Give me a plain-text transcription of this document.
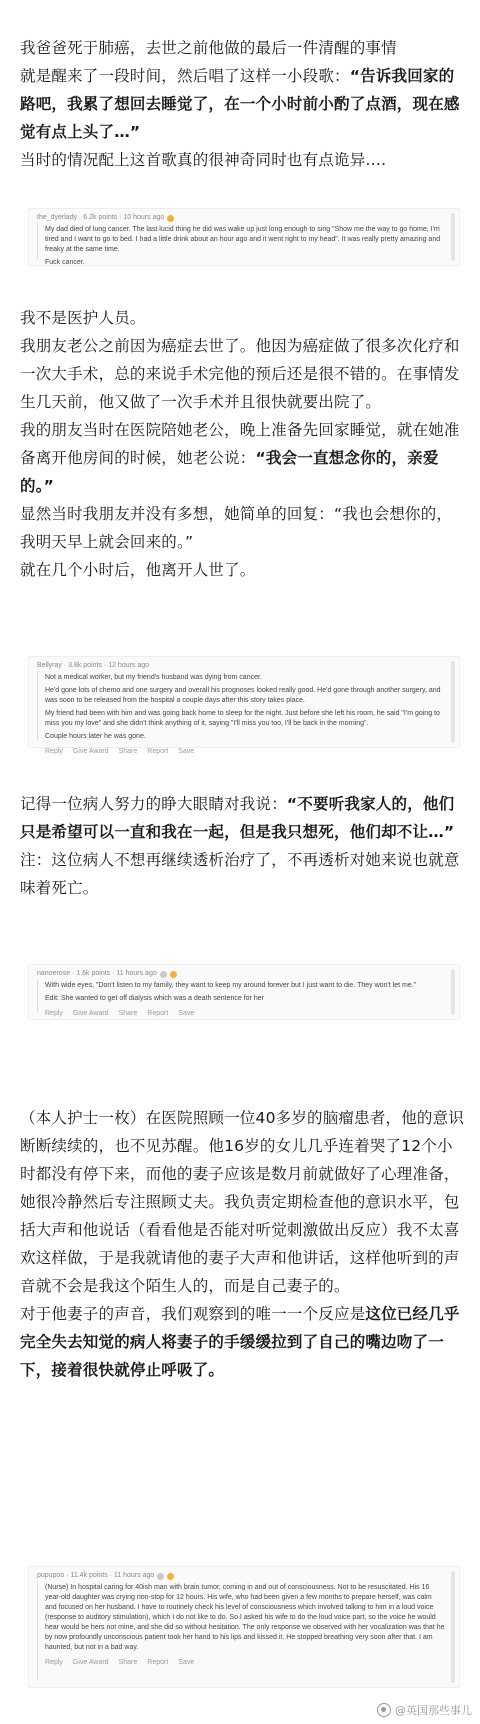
我爸爸死于肺癌，去世之前他做的最后一件清醒的事情
就是醒来了一段时间，然后唱了这样一小段歌：“告诉我回家的路吧，我累了想回去睡觉了，在一个小时前小酌了点酒，现在感觉有点上头了…”
当时的情况配上这首歌真的很神奇同时也有点诡异….

the_dyerlady · 6.2k points · 10 hours ago

My dad died of lung cancer. The last lucid thing he did was wake up just long enough to sing "Show me the way to go home, I'm tired and I want to go to bed. I had a little drink about an hour ago and it went right to my head". It was really pretty amazing and freaky at the same time.

Fuck cancer.

我不是医护人员。

我朋友老公之前因为癌症去世了。他因为癌症做了很多次化疗和一次大手术，总的来说手术完他的预后还是很不错的。在事情发生几天前，他又做了一次手术并且很快就要出院了。

我的朋友当时在医院陪她老公，晚上准备先回家睡觉，就在她准备离开他房间的时候，她老公说：“我会一直想念你的，亲爱的。”

显然当时我朋友并没有多想，她简单的回复：“我也会想你的，我明天早上就会回来的。”

就在几个小时后，他离开人世了。

Bellyray · 3.8k points · 12 hours ago

Not a medical worker, but my friend's husband was dying from cancer.

He'd gone lots of chemo and one surgery and overall his prognoses looked really good. He'd gone through another surgery, and was soon to be released from the hospital a couple days after this story takes place.

My friend had been with him and was going back home to sleep for the night. Just before she left his room, he said "I'm going to miss you my love" and she didn't think anything of it, saying "I'll miss you too, I'll be back in the morning".

Couple hours later he was gone.

Reply Give Award Share Report Save

记得一位病人努力的睁大眼睛对我说：“不要听我家人的，他们只是希望可以一直和我在一起，但是我只想死，他们却不让…”

注：这位病人不想再继续透析治疗了，不再透析对她来说也就意味着死亡。

nanoerose · 1.6k points · 11 hours ago

With wide eyes, "Don't listen to my family, they want to keep my around forever but I just want to die. They won't let me."

Edit: She wanted to get off dialysis which was a death sentence for her

Reply Give Award Share Report Save

（本人护士一枚）在医院照顾一位40多岁的脑瘤患者，他的意识断断续续的，也不见苏醒。他16岁的女儿几乎连着哭了12个小时都没有停下来，而他的妻子应该是数月前就做好了心理准备，她很冷静然后专注照顾丈夫。我负责定期检查他的意识水平，包括大声和他说话（看看他是否能对听觉刺激做出反应）我不太喜欢这样做，于是我就请他的妻子大声和他讲话，这样他听到的声音就不会是我这个陌生人的，而是自己妻子的。

对于他妻子的声音，我们观察到的唯一一个反应是这位已经几乎完全失去知觉的病人将妻子的手缓缓拉到了自己的嘴边吻了一下，接着很快就停止呼吸了。

pupupoo · 11.4k points · 11 hours ago

(Nurse) In hospital caring for 40ish man with brain tumor, coming in and out of consciousness. Not to be resuscitated. His 16 year-old daughter was crying non-stop for 12 hours. His wife, who had been given a few months to prepare herself, was calm and focused on her husband. I have to routinely check his level of consciousness which involved talking to him in a loud voice (response to auditory stimulation), which I do not like to do. So I asked his wife to do the loud voice part, so the voice he would hear would be hers not mine, and she did so without hesitation. The only response we observed with her vocalization was that he by now profoundly unconscious patient took her hand to his lips and kissed it. He stopped breathing very soon after that. I am haunted, but not in a bad way.

Reply Give Award Share Report Save
@英国那些事儿
